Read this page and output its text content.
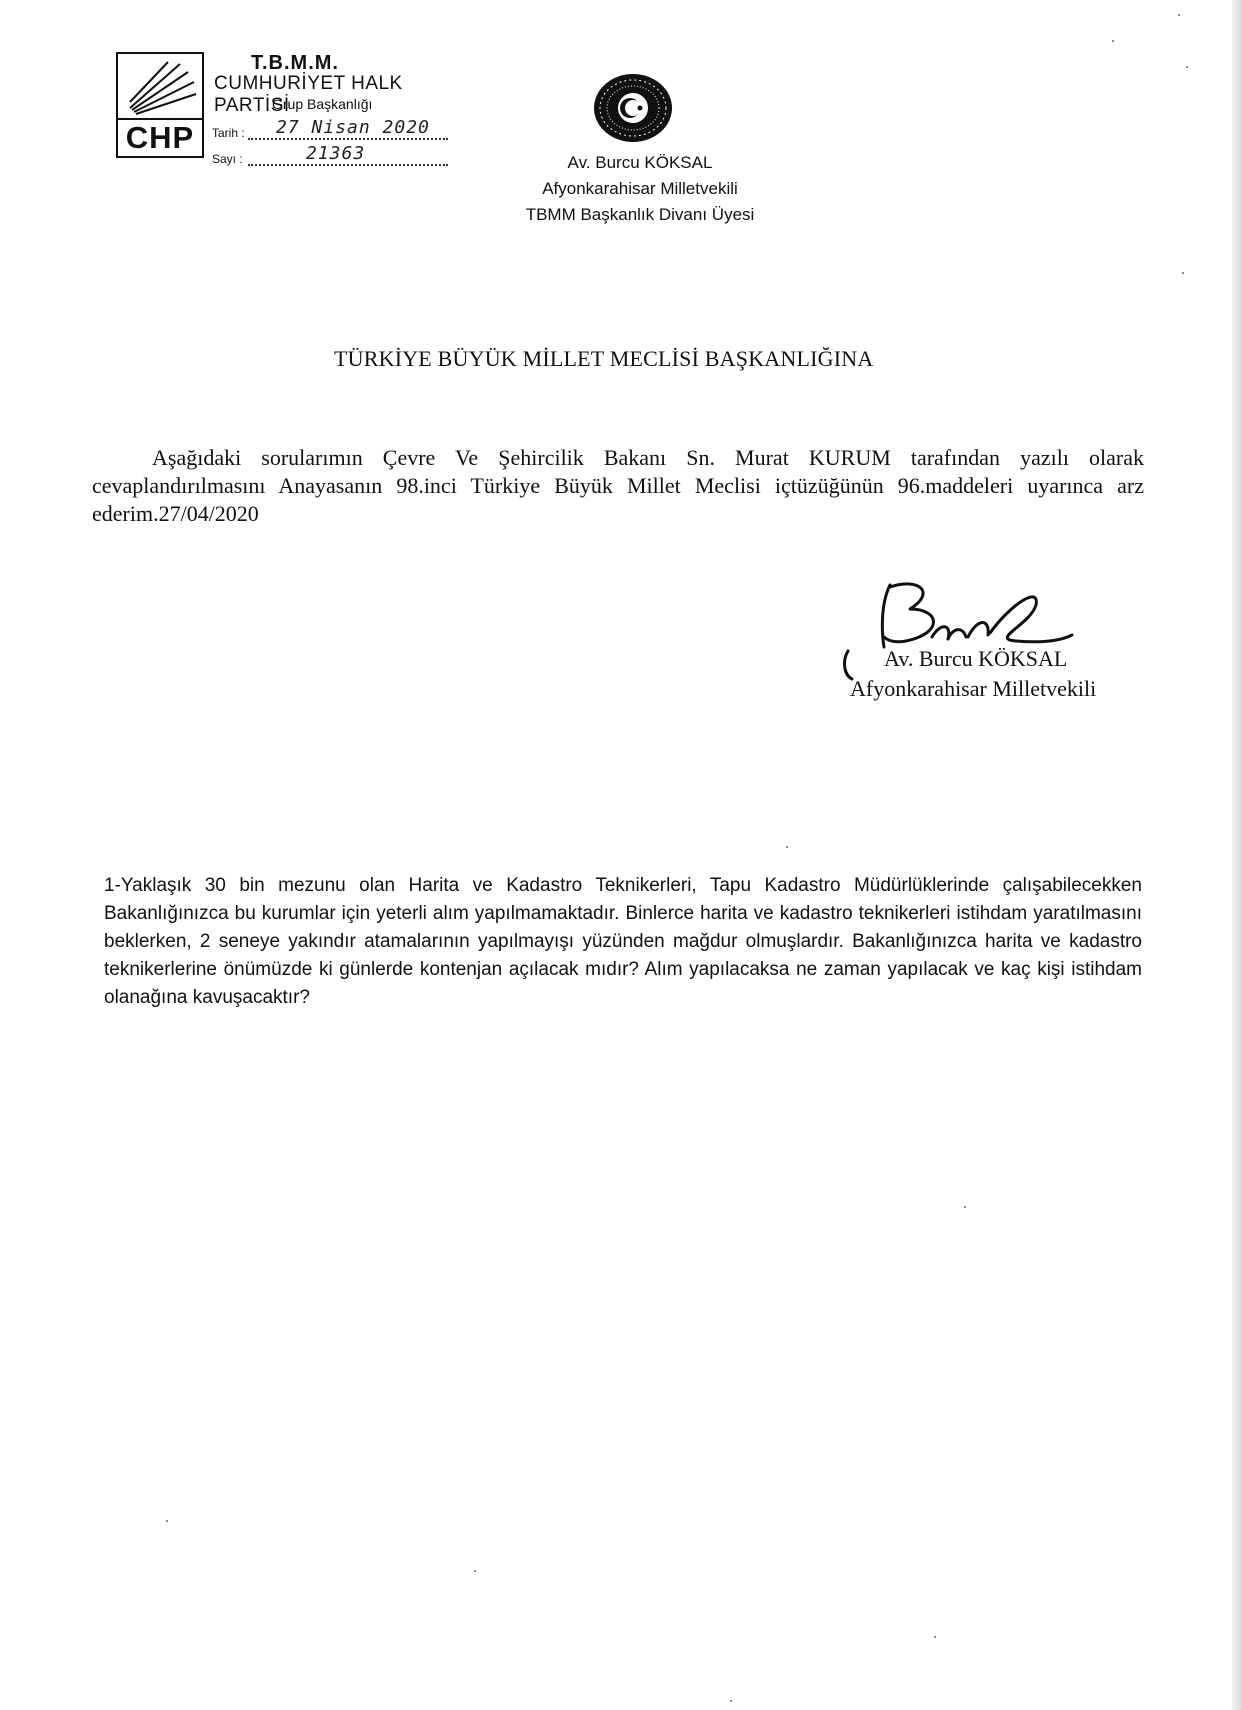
CHP
T.B.M.M.
CUMHURİYET HALK PARTİSİ
Grup Başkanlığı
Tarih : 27 Nisan 2020
Sayı :	21363	Av. Burcu KÖKSAL
Afyonkarahisar Milletvekili
TBMM Başkanlık Divanı Üyesi
TÜRKİYE BÜYÜK MİLLET MECLİSİ BAŞKANLIĞINA
Aşağıdaki sorularımın Çevre Ve Şehircilik Bakanı Sn. Murat KURUM tarafından yazılı olarak cevaplandırılmasını Anayasanın 98.inci Türkiye Büyük Millet Meclisi içtüzüğünün 96.maddeleri uyarınca arz ederim.27/04/2020
Av. Burcu KÖKSAL
Afyonkarahisar Milletvekili
1-Yaklaşık 30 bin mezunu olan Harita ve Kadastro Teknikerleri, Tapu Kadastro Müdürlüklerinde çalışabilecekken Bakanlığınızca bu kurumlar için yeterli alım yapılmamaktadır. Binlerce harita ve kadastro teknikerleri istihdam yaratılmasını beklerken, 2 seneye yakındır atamalarının yapılmayışı yüzünden mağdur olmuşlardır. Bakanlığınızca harita ve kadastro teknikerlerine önümüzde ki günlerde kontenjan açılacak mıdır? Alım yapılacaksa ne zaman yapılacak ve kaç kişi istihdam olanağına kavuşacaktır?
